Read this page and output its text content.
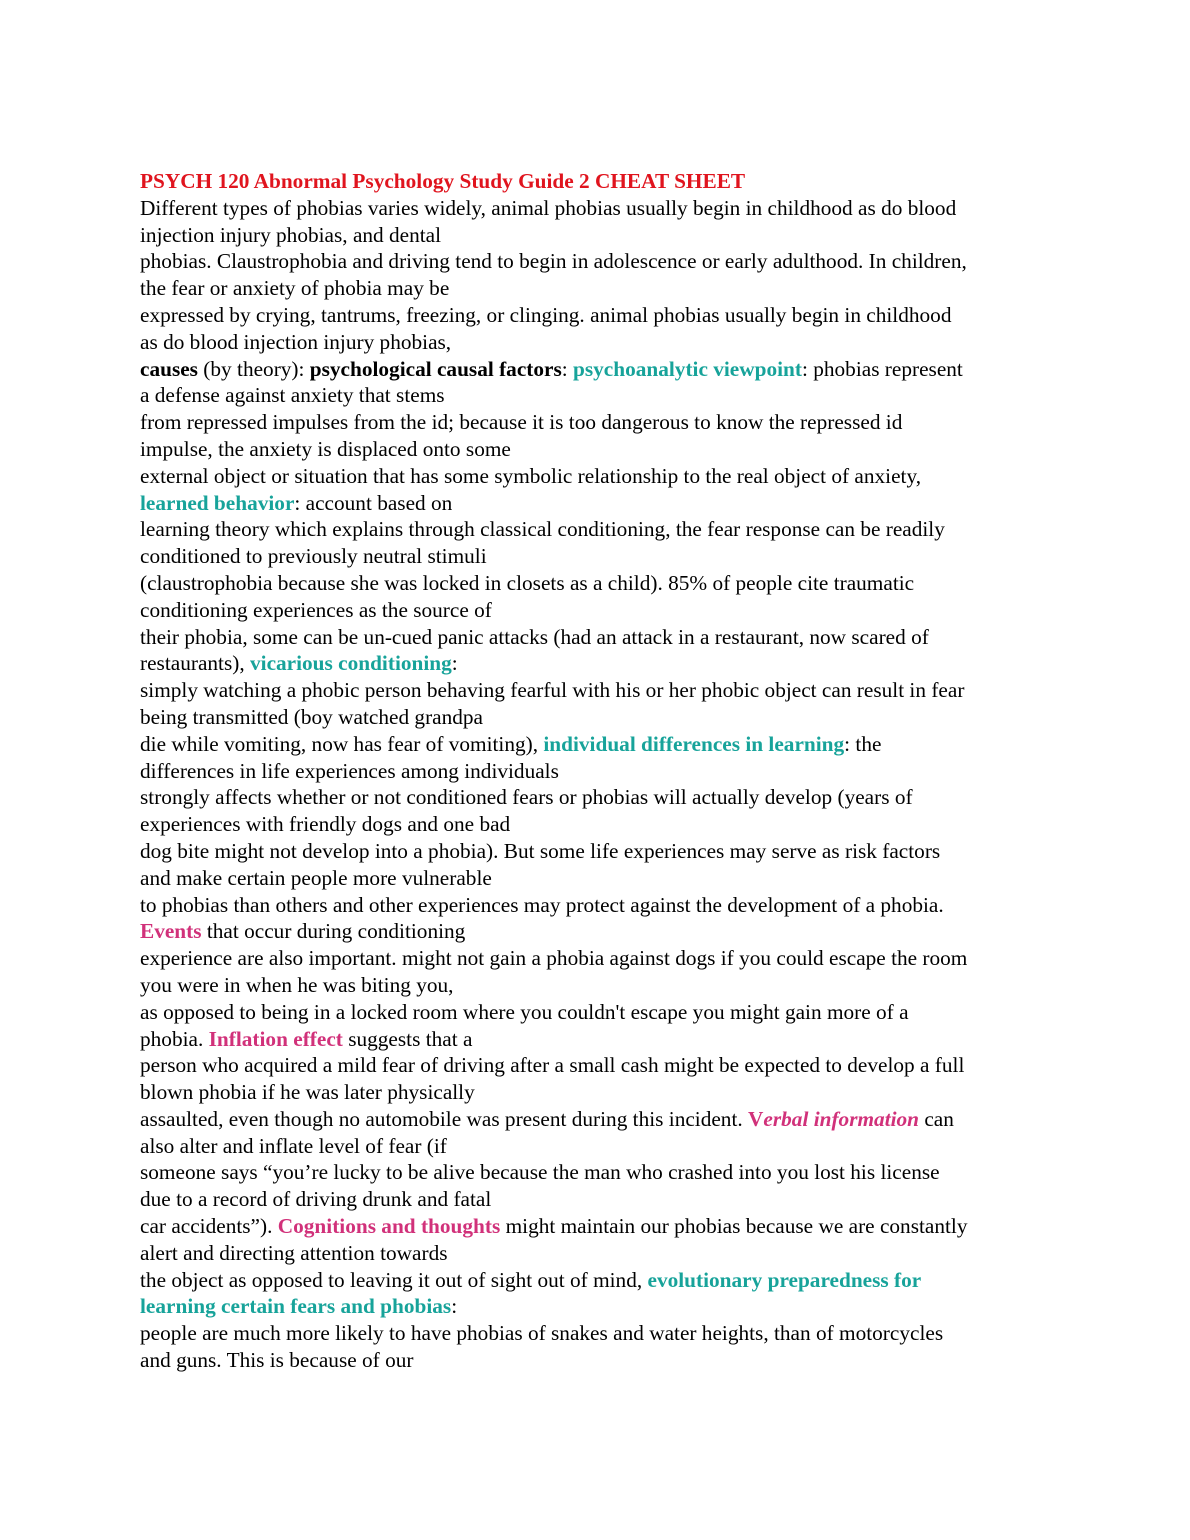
PSYCH 120 Abnormal Psychology Study Guide 2 CHEAT SHEET
Different types of phobias varies widely, animal phobias usually begin in childhood as do blood
injection injury phobias, and dental
phobias. Claustrophobia and driving tend to begin in adolescence or early adulthood. In children,
the fear or anxiety of phobia may be
expressed by crying, tantrums, freezing, or clinging. animal phobias usually begin in childhood
as do blood injection injury phobias,
causes (by theory): psychological causal factors: psychoanalytic viewpoint: phobias represent
a defense against anxiety that stems
from repressed impulses from the id; because it is too dangerous to know the repressed id
impulse, the anxiety is displaced onto some
external object or situation that has some symbolic relationship to the real object of anxiety,
learned behavior: account based on
learning theory which explains through classical conditioning, the fear response can be readily
conditioned to previously neutral stimuli
(claustrophobia because she was locked in closets as a child). 85% of people cite traumatic
conditioning experiences as the source of
their phobia, some can be un-cued panic attacks (had an attack in a restaurant, now scared of
restaurants), vicarious conditioning:
simply watching a phobic person behaving fearful with his or her phobic object can result in fear
being transmitted (boy watched grandpa
die while vomiting, now has fear of vomiting), individual differences in learning: the
differences in life experiences among individuals
strongly affects whether or not conditioned fears or phobias will actually develop (years of
experiences with friendly dogs and one bad
dog bite might not develop into a phobia). But some life experiences may serve as risk factors
and make certain people more vulnerable
to phobias than others and other experiences may protect against the development of a phobia.
Events that occur during conditioning
experience are also important. might not gain a phobia against dogs if you could escape the room
you were in when he was biting you,
as opposed to being in a locked room where you couldn't escape you might gain more of a
phobia. Inflation effect suggests that a
person who acquired a mild fear of driving after a small cash might be expected to develop a full
blown phobia if he was later physically
assaulted, even though no automobile was present during this incident. Verbal information can
also alter and inflate level of fear (if
someone says “you’re lucky to be alive because the man who crashed into you lost his license
due to a record of driving drunk and fatal
car accidents”). Cognitions and thoughts might maintain our phobias because we are constantly
alert and directing attention towards
the object as opposed to leaving it out of sight out of mind, evolutionary preparedness for
learning certain fears and phobias:
people are much more likely to have phobias of snakes and water heights, than of motorcycles
and guns. This is because of our
